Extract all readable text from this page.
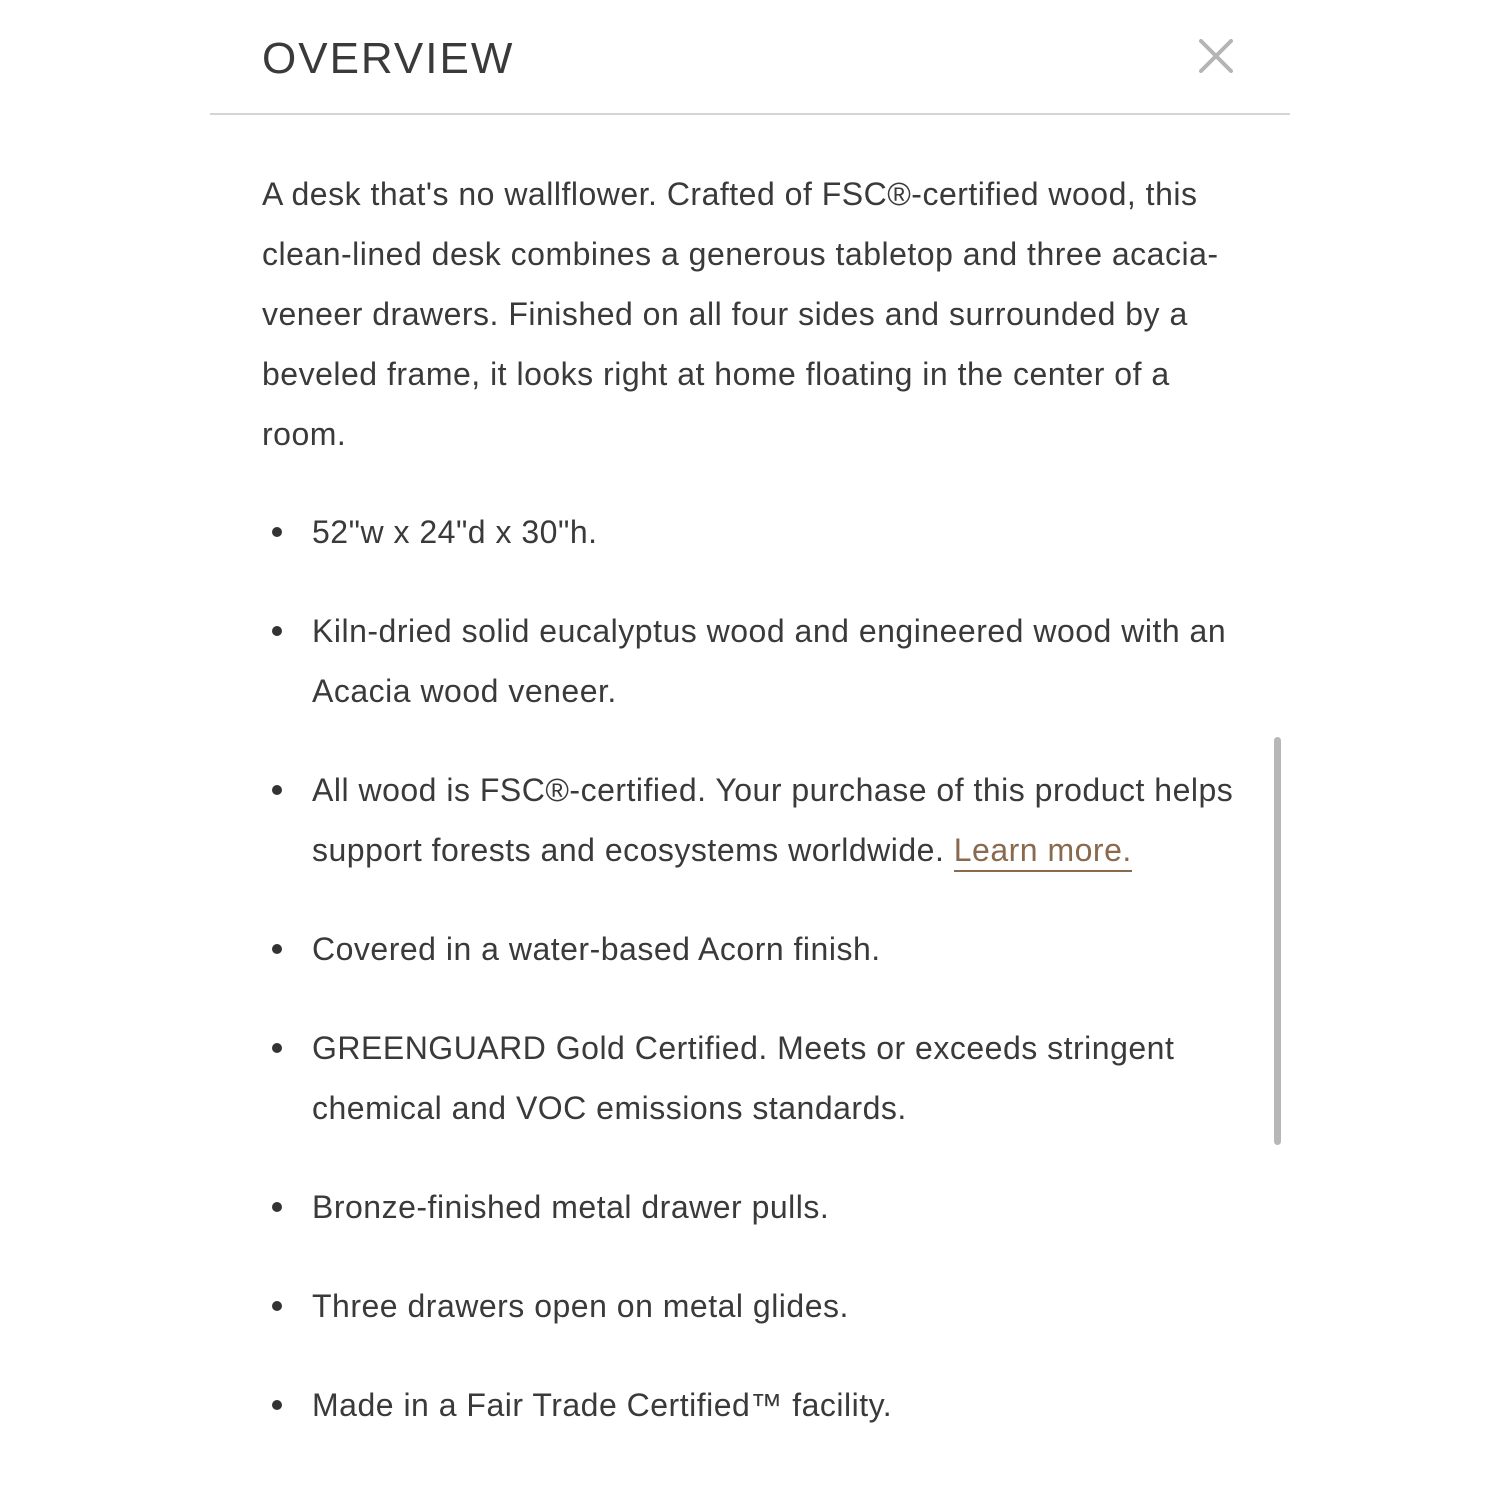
OVERVIEW

A desk that's no wallflower. Crafted of FSC®-certified wood, this clean-lined desk combines a generous tabletop and three acacia-veneer drawers. Finished on all four sides and surrounded by a beveled frame, it looks right at home floating in the center of a room.

52"w x 24"d x 30"h.
Kiln-dried solid eucalyptus wood and engineered wood with an Acacia wood veneer.
All wood is FSC®-certified. Your purchase of this product helps support forests and ecosystems worldwide. Learn more.
Covered in a water-based Acorn finish.
GREENGUARD Gold Certified. Meets or exceeds stringent chemical and VOC emissions standards.
Bronze-finished metal drawer pulls.
Three drawers open on metal glides.
Made in a Fair Trade Certified™ facility.
